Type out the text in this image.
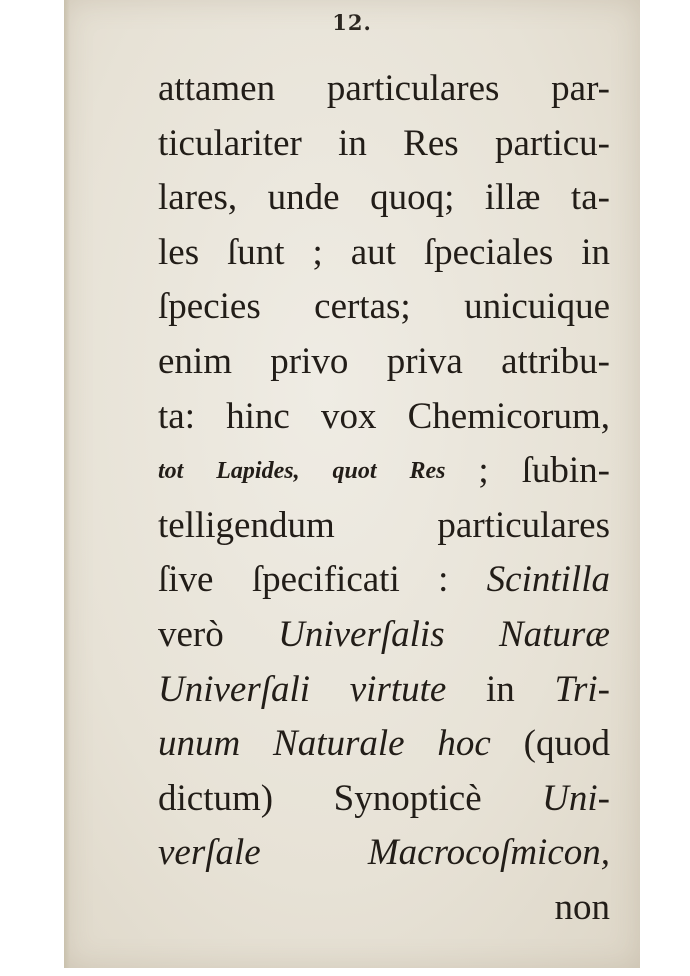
12.
attamen particulares par-
ticulariter in Res particu-
lares, unde quoq; illæ ta-
les ſunt ; aut ſpeciales in
ſpecies certas; unicuique
enim privo priva attribu-
ta: hinc vox Chemicorum,
tot Lapides, quot Res ; ſubin-
telligendum	particulares
ſive ſpecificati : Scintilla
verò Univerſalis Naturæ
Univerſali virtute in Tri-
unum Naturale hoc (quod
dictum) Synopticè Uni-
verſale	Macrocoſmicon,
non
